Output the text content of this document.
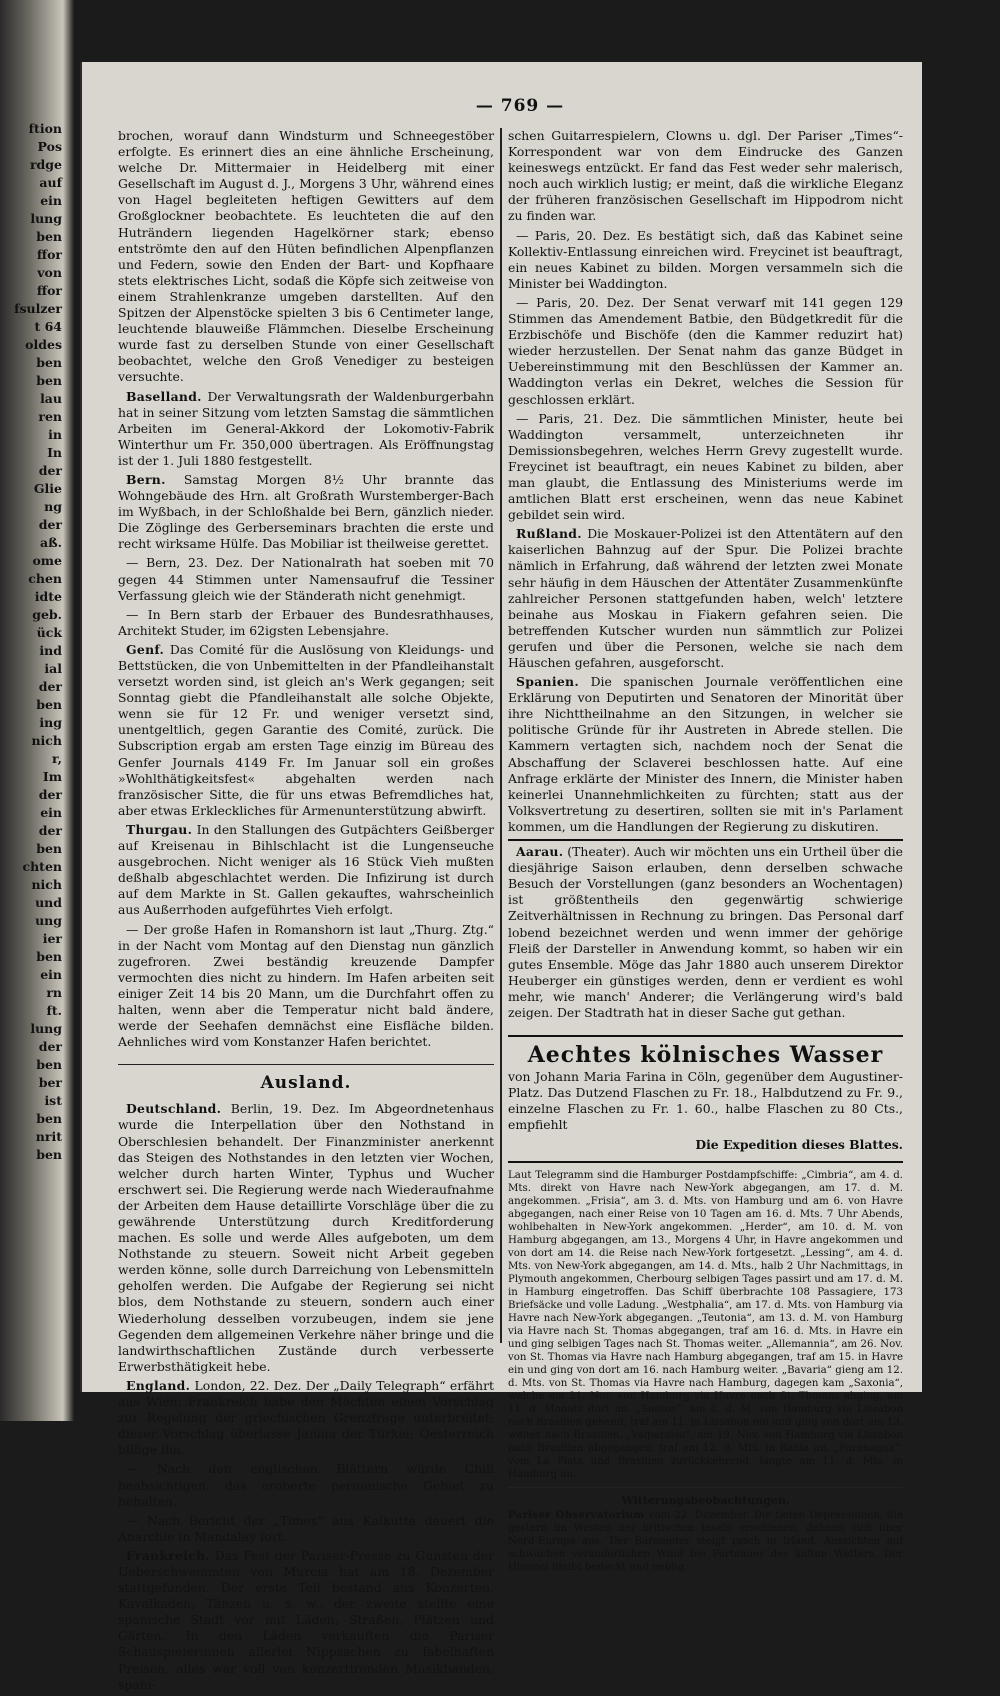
ftion
Pos
rdge
auf
ein
lung
ben
ffor
von
ffor
fsulzer
t 64
oldes
ben
ben
lau
ren
in
In
der
Glie
ng
der
aß.
ome
chen
idte
geb.
ück
ind
ial
der
ben
ing
nich
r,
Im
der
ein
der
ben
chten
nich
und
ung
ier
ben
ein
rn
ft.
lung
der
ben
ber
ist
ben
nrit
ben
— 769 —

brochen, worauf dann Windsturm und Schneegestöber erfolgte. Es erinnert dies an eine ähnliche Erscheinung, welche Dr. Mittermaier in Heidelberg mit einer Gesellschaft im August d. J., Morgens 3 Uhr, während eines von Hagel begleiteten heftigen Gewitters auf dem Großglockner beobachtete. Es leuchteten die auf den Huträndern liegenden Hagelkörner stark; ebenso entströmte den auf den Hüten befindlichen Alpenpflanzen und Federn, sowie den Enden der Bart- und Kopfhaare stets elektrisches Licht, sodaß die Köpfe sich zeitweise von einem Strahlenkranze umgeben darstellten. Auf den Spitzen der Alpenstöcke spielten 3 bis 6 Centimeter lange, leuchtende blauweiße Flämmchen. Dieselbe Erscheinung wurde fast zu derselben Stunde von einer Gesellschaft beobachtet, welche den Groß Venediger zu besteigen versuchte.

Baselland. Der Verwaltungsrath der Waldenburgerbahn hat in seiner Sitzung vom letzten Samstag die sämmtlichen Arbeiten im General-Akkord der Lokomotiv-Fabrik Winterthur um Fr. 350,000 übertragen. Als Eröffnungstag ist der 1. Juli 1880 festgestellt.

Bern. Samstag Morgen 8½ Uhr brannte das Wohngebäude des Hrn. alt Großrath Wurstemberger-Bach im Wyßbach, in der Schloßhalde bei Bern, gänzlich nieder. Die Zöglinge des Gerberseminars brachten die erste und recht wirksame Hülfe. Das Mobiliar ist theilweise gerettet.

— Bern, 23. Dez. Der Nationalrath hat soeben mit 70 gegen 44 Stimmen unter Namensaufruf die Tessiner Verfassung gleich wie der Ständerath nicht genehmigt.

— In Bern starb der Erbauer des Bundesrathhauses, Architekt Studer, im 62igsten Lebensjahre.

Genf. Das Comité für die Auslösung von Kleidungs- und Bettstücken, die von Unbemittelten in der Pfandleihanstalt versetzt worden sind, ist gleich an's Werk gegangen; seit Sonntag giebt die Pfandleihanstalt alle solche Objekte, wenn sie für 12 Fr. und weniger versetzt sind, unentgeltlich, gegen Garantie des Comité, zurück. Die Subscription ergab am ersten Tage einzig im Büreau des Genfer Journals 4149 Fr. Im Januar soll ein großes »Wohlthätigkeitsfest« abgehalten werden nach französischer Sitte, die für uns etwas Befremdliches hat, aber etwas Erkleckliches für Armenunterstützung abwirft.

Thurgau. In den Stallungen des Gutpächters Geißberger auf Kreisenau in Bihlschlacht ist die Lungenseuche ausgebrochen. Nicht weniger als 16 Stück Vieh mußten deßhalb abgeschlachtet werden. Die Infizirung ist durch auf dem Markte in St. Gallen gekauftes, wahrscheinlich aus Außerrhoden aufgeführtes Vieh erfolgt.

— Der große Hafen in Romanshorn ist laut „Thurg. Ztg.“ in der Nacht vom Montag auf den Dienstag nun gänzlich zugefroren. Zwei beständig kreuzende Dampfer vermochten dies nicht zu hindern. Im Hafen arbeiten seit einiger Zeit 14 bis 20 Mann, um die Durchfahrt offen zu halten, wenn aber die Temperatur nicht bald ändere, werde der Seehafen demnächst eine Eisfläche bilden. Aehnliches wird vom Konstanzer Hafen berichtet.

Ausland.

Deutschland. Berlin, 19. Dez. Im Abgeordnetenhaus wurde die Interpellation über den Nothstand in Oberschlesien behandelt. Der Finanzminister anerkennt das Steigen des Nothstandes in den letzten vier Wochen, welcher durch harten Winter, Typhus und Wucher erschwert sei. Die Regierung werde nach Wiederaufnahme der Arbeiten dem Hause detaillirte Vorschläge über die zu gewährende Unterstützung durch Kreditforderung machen. Es solle und werde Alles aufgeboten, um dem Nothstande zu steuern. Soweit nicht Arbeit gegeben werden könne, solle durch Darreichung von Lebensmitteln geholfen werden. Die Aufgabe der Regierung sei nicht blos, dem Nothstande zu steuern, sondern auch einer Wiederholung desselben vorzubeugen, indem sie jene Gegenden dem allgemeinen Verkehre näher bringe und die landwirthschaftlichen Zustände durch verbesserte Erwerbsthätigkeit hebe.

England. London, 22. Dez. Der „Daily Telegraph“ erfährt aus Wien: Frankreich habe den Mächten einen Vorschlag zur Regelung der griechischen Grenzfrage unterbreitet; dieser Vorschlag überlasse Janina der Türkei; Oesterreich billige ihn.

— Nach den englischen Blättern würde Chili beabsichtigen, das eroberte peruanische Gebiet zu behalten.

— Nach Bericht der „Times“ aus Kalkutta dauert die Anarchie in Mandalay fort.

Frankreich. Das Fest der Pariser-Presse zu Gunsten der Ueberschwemmten von Murcia hat am 18. Dezember stattgefunden. Der erste Teil bestand aus Konzerten, Kavalkaden, Tänzen u. s. w., der zweite stellte eine spanische Stadt vor mit Läden, Straßen, Plätzen und Gärten. In den Läden verkauften die Pariser Schauspielerinnen allerlei Nippsachen zu fabelhaften Preisen, alles war voll von konzertirenden Musikbanden, spani-

schen Guitarrespielern, Clowns u. dgl. Der Pariser „Times“-Korrespondent war von dem Eindrucke des Ganzen keineswegs entzückt. Er fand das Fest weder sehr malerisch, noch auch wirklich lustig; er meint, daß die wirkliche Eleganz der früheren französischen Gesellschaft im Hippodrom nicht zu finden war.

— Paris, 20. Dez. Es bestätigt sich, daß das Kabinet seine Kollektiv-Entlassung einreichen wird. Freycinet ist beauftragt, ein neues Kabinet zu bilden. Morgen versammeln sich die Minister bei Waddington.

— Paris, 20. Dez. Der Senat verwarf mit 141 gegen 129 Stimmen das Amendement Batbie, den Büdgetkredit für die Erzbischöfe und Bischöfe (den die Kammer reduzirt hat) wieder herzustellen. Der Senat nahm das ganze Büdget in Uebereinstimmung mit den Beschlüssen der Kammer an. Waddington verlas ein Dekret, welches die Session für geschlossen erklärt.

— Paris, 21. Dez. Die sämmtlichen Minister, heute bei Waddington versammelt, unterzeichneten ihr Demissionsbegehren, welches Herrn Grevy zugestellt wurde. Freycinet ist beauftragt, ein neues Kabinet zu bilden, aber man glaubt, die Entlassung des Ministeriums werde im amtlichen Blatt erst erscheinen, wenn das neue Kabinet gebildet sein wird.

Rußland. Die Moskauer-Polizei ist den Attentätern auf den kaiserlichen Bahnzug auf der Spur. Die Polizei brachte nämlich in Erfahrung, daß während der letzten zwei Monate sehr häufig in dem Häuschen der Attentäter Zusammenkünfte zahlreicher Personen stattgefunden haben, welch' letztere beinahe aus Moskau in Fiakern gefahren seien. Die betreffenden Kutscher wurden nun sämmtlich zur Polizei gerufen und über die Personen, welche sie nach dem Häuschen gefahren, ausgeforscht.

Spanien. Die spanischen Journale veröffentlichen eine Erklärung von Deputirten und Senatoren der Minorität über ihre Nichttheilnahme an den Sitzungen, in welcher sie politische Gründe für ihr Austreten in Abrede stellen. Die Kammern vertagten sich, nachdem noch der Senat die Abschaffung der Sclaverei beschlossen hatte. Auf eine Anfrage erklärte der Minister des Innern, die Minister haben keinerlei Unannehmlichkeiten zu fürchten; statt aus der Volksvertretung zu desertiren, sollten sie mit in's Parlament kommen, um die Handlungen der Regierung zu diskutiren.

Aarau. (Theater). Auch wir möchten uns ein Urtheil über die diesjährige Saison erlauben, denn derselben schwache Besuch der Vorstellungen (ganz besonders an Wochentagen) ist größtentheils den gegenwärtig schwierige Zeitverhältnissen in Rechnung zu bringen. Das Personal darf lobend bezeichnet werden und wenn immer der gehörige Fleiß der Darsteller in Anwendung kommt, so haben wir ein gutes Ensemble. Möge das Jahr 1880 auch unserem Direktor Heuberger ein günstiges werden, denn er verdient es wohl mehr, wie manch' Anderer; die Verlängerung wird's bald zeigen. Der Stadtrath hat in dieser Sache gut gethan.

Aechtes kölnisches Wasser
von Johann Maria Farina in Cöln, gegenüber dem Augustiner-Platz. Das Dutzend Flaschen zu Fr. 18., Halbdutzend zu Fr. 9., einzelne Flaschen zu Fr. 1. 60., halbe Flaschen zu 80 Cts., empfiehlt
Die Expedition dieses Blattes.
Laut Telegramm sind die Hamburger Postdampfschiffe: „Cimbria“, am 4. d. Mts. direkt von Havre nach New-York abgegangen, am 17. d. M. angekommen. „Frisia“, am 3. d. Mts. von Hamburg und am 6. von Havre abgegangen, nach einer Reise von 10 Tagen am 16. d. Mts. 7 Uhr Abends, wohlbehalten in New-York angekommen. „Herder“, am 10. d. M. von Hamburg abgegangen, am 13., Morgens 4 Uhr, in Havre angekommen und von dort am 14. die Reise nach New-York fortgesetzt. „Lessing“, am 4. d. Mts. von New-York abgegangen, am 14. d. Mts., halb 2 Uhr Nachmittags, in Plymouth angekommen, Cherbourg selbigen Tages passirt und am 17. d. M. in Hamburg eingetroffen. Das Schiff überbrachte 108 Passagiere, 173 Briefsäcke und volle Ladung. „Westphalia“, am 17. d. Mts. von Hamburg via Havre nach New-York abgegangen. „Teutonia“, am 13. d. M. von Hamburg via Havre nach St. Thomas abgegangen, traf am 16. d. Mts. in Havre ein und ging selbigen Tages nach St. Thomas weiter. „Allemannia“, am 26. Nov. von St. Thomas via Havre nach Hamburg abgegangen, traf am 15. in Havre ein und ging von dort am 16. nach Hamburg weiter. „Bavaria“ gieng am 12. d. Mts. von St. Thomas via Havre nach Hamburg, dagegen kam „Saxonia“, welche am 21. Nov. von Hamburg via Havre nach St. Thomas abging, am 11. d. Monats dort an. „Santos“, am 6. d. M. von Hamburg via Lissabon nach Brasilien gehend, traf am 11. in Lissabon ein und ging von dort am 13. weiter nach Brasilien. „Valparaiso“, am 19. Nov. von Hamburg via Lissabon nach Brasilien abgegangen, traf am 12. d. Mts. in Bahia an. „Paranagua“, vom La Plata und Brasilien zurückkehrend, langte am 11. d. Mts. in Hamburg an.
Witterungsbeobachtungen.
Pariser Observatorium vom 22. Dezember. Die tiefen Depressionen, die gestern im Westen der britischen Inseln erschienen, dehnen sich über Nord-Europa aus. Der Barometer steigt rasch in Irland. Aussichten auf schwachen veränderlichen Wind bei Fortdauer des kalten Wetters. Der Himmel bleibt bedeckt und neblig.
